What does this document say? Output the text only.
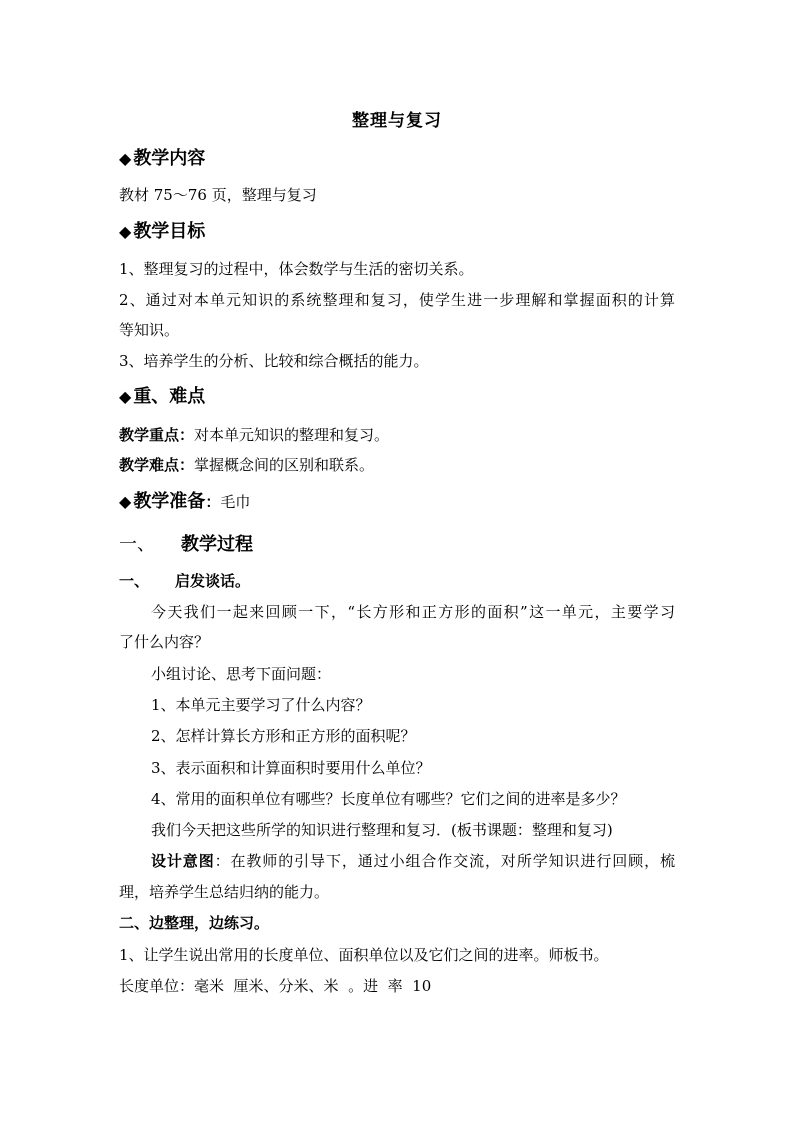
整理与复习
◆ 教学内容
教材 75～76 页，整理与复习
◆ 教学目标
1、整理复习的过程中，体会数学与生活的密切关系。
2、通过对本单元知识的系统整理和复习，使学生进一步理解和掌握面积的计算
等知识。
3、培养学生的分析、比较和综合概括的能力。
◆ 重、难点
教学重点：对本单元知识的整理和复习。
教学难点：掌握概念间的区别和联系。
◆ 教学准备：毛巾
一、 教学过程
一、 启发谈话。
今天我们一起来回顾一下，“长方形和正方形的面积”这一单元，主要学习
了什么内容？
小组讨论、思考下面问题：
1、本单元主要学习了什么内容？
2、怎样计算长方形和正方形的面积呢？
3、表示面积和计算面积时要用什么单位？
4、常用的面积单位有哪些？长度单位有哪些？它们之间的进率是多少？
我们今天把这些所学的知识进行整理和复习．(板书课题：整理和复习)
设计意图：在教师的引导下，通过小组合作交流，对所学知识进行回顾，梳
理，培养学生总结归纳的能力。
二、边整理，边练习。
1、让学生说出常用的长度单位、面积单位以及它们之间的进率。师板书。
长度单位：毫米  厘米、分米、米  。进  率  10
